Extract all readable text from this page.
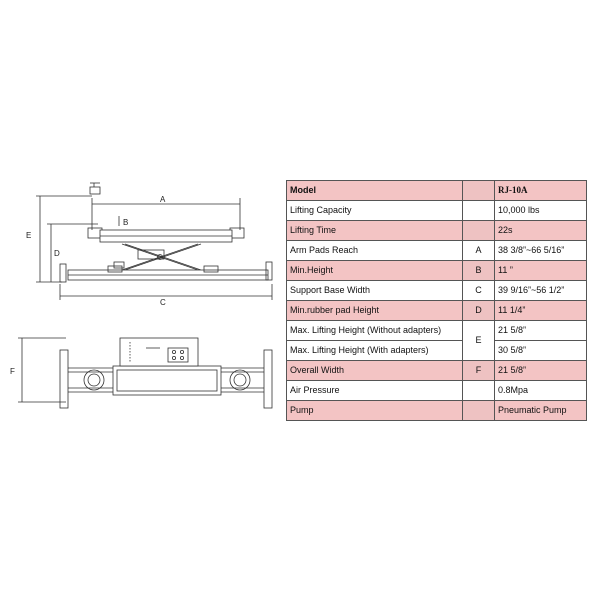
A
B
C
D
E
F
Model		RJ-10A
Lifting Capacity		10,000 lbs
Lifting Time		22s
Arm Pads Reach	A	38 3/8”~66 5/16”
Min.Height	B	11 ”
Support Base Width	C	39 9/16”~56 1/2”
Min.rubber pad Height	D	11 1/4”
Max. Lifting Height (Without adapters)	E	21 5/8”
Max. Lifting Height (With adapters)		30 5/8”
Overall Width	F	21 5/8”
Air Pressure		0.8Mpa
Pump		Pneumatic Pump
